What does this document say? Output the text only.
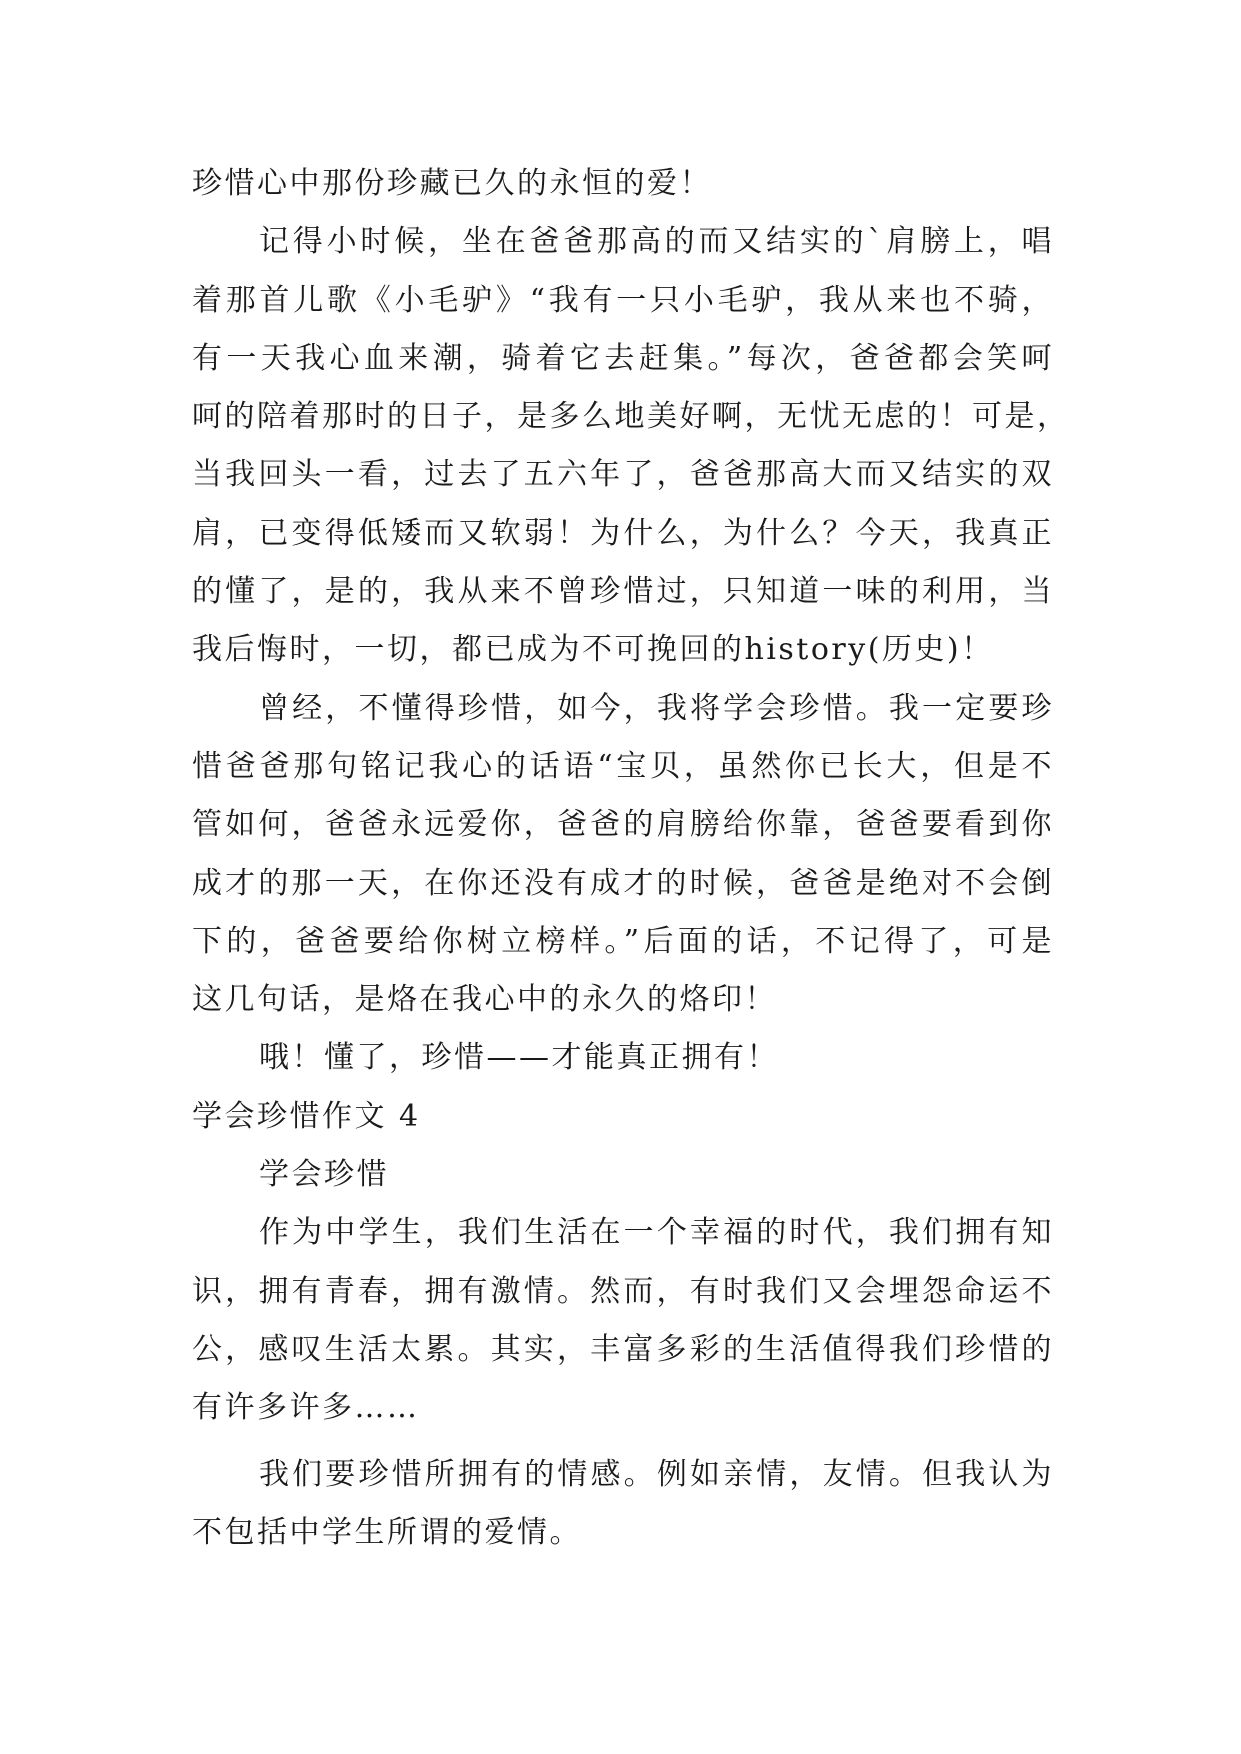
珍惜心中那份珍藏已久的永恒的爱！
记得小时候，坐在爸爸那高的而又结实的`肩膀上，唱
着那首儿歌《小毛驴》“我有一只小毛驴，我从来也不骑，
有一天我心血来潮，骑着它去赶集。”每次，爸爸都会笑呵
呵的陪着那时的日子，是多么地美好啊，无忧无虑的！可是，
当我回头一看，过去了五六年了，爸爸那高大而又结实的双
肩，已变得低矮而又软弱！为什么，为什么？今天，我真正
的懂了，是的，我从来不曾珍惜过，只知道一味的利用，当
我后悔时，一切，都已成为不可挽回的history(历史)！
曾经，不懂得珍惜，如今，我将学会珍惜。我一定要珍
惜爸爸那句铭记我心的话语“宝贝，虽然你已长大，但是不
管如何，爸爸永远爱你，爸爸的肩膀给你靠，爸爸要看到你
成才的那一天，在你还没有成才的时候，爸爸是绝对不会倒
下的，爸爸要给你树立榜样。”后面的话，不记得了，可是
这几句话，是烙在我心中的永久的烙印！
哦！懂了，珍惜——才能真正拥有！
学会珍惜作文 4
学会珍惜
作为中学生，我们生活在一个幸福的时代，我们拥有知
识，拥有青春，拥有激情。然而，有时我们又会埋怨命运不
公，感叹生活太累。其实，丰富多彩的生活值得我们珍惜的
有许多许多……
我们要珍惜所拥有的情感。例如亲情，友情。但我认为
不包括中学生所谓的爱情。
